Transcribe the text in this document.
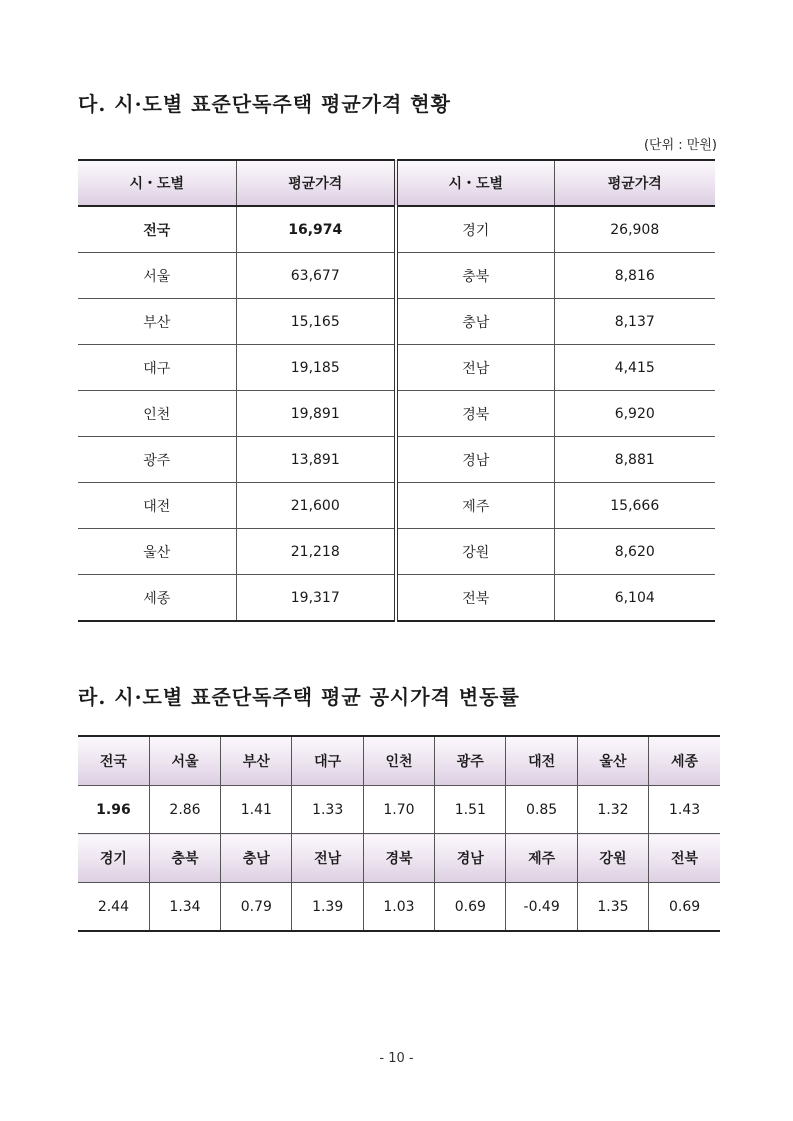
다. 시·도별 표준단독주택 평균가격 현황
(단위 : 만원)
시・도별	평균가격	시・도별	평균가격
전국	16,974	경기	26,908
서울	63,677	충북	8,816
부산	15,165	충남	8,137
대구	19,185	전남	4,415
인천	19,891	경북	6,920
광주	13,891	경남	8,881
대전	21,600	제주	15,666
울산	21,218	강원	8,620
세종	19,317	전북	6,104
라. 시·도별 표준단독주택 평균 공시가격 변동률
전국	서울	부산	대구	인천	광주	대전	울산	세종
1.96	2.86	1.41	1.33	1.70	1.51	0.85	1.32	1.43
경기	충북	충남	전남	경북	경남	제주	강원	전북
2.44	1.34	0.79	1.39	1.03	0.69	-0.49	1.35	0.69
- 10 -
